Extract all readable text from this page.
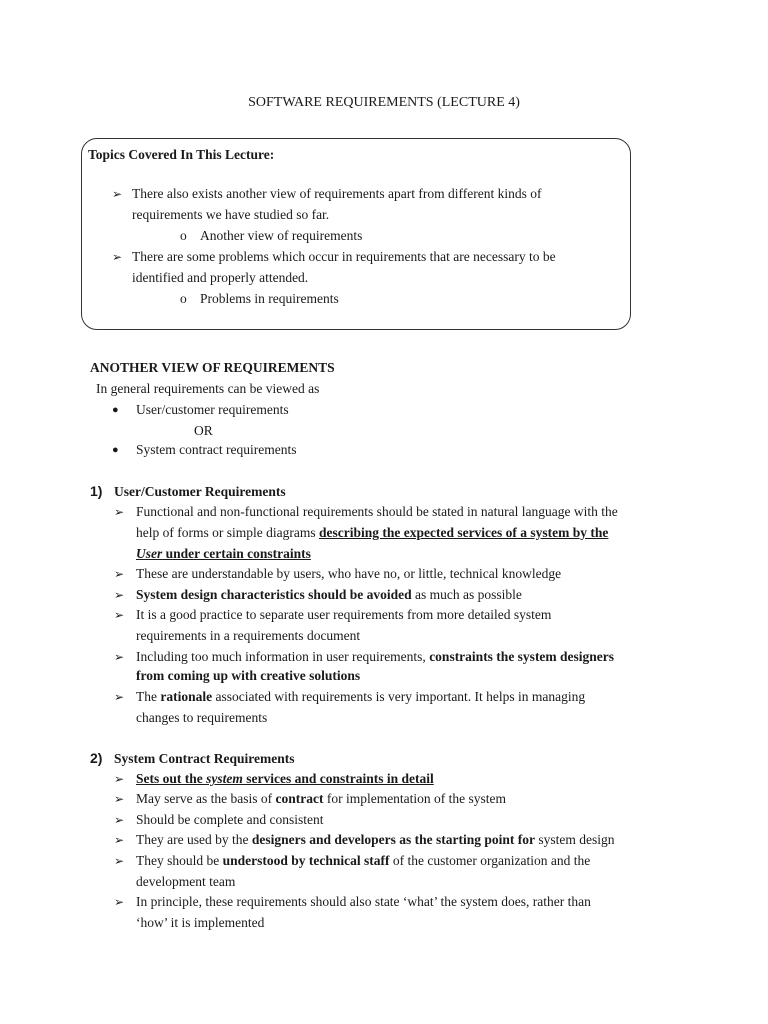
SOFTWARE REQUIREMENTS (LECTURE 4)
Topics Covered In This Lecture:
➢ There also exists another view of requirements apart from different kinds of
requirements we have studied so far.
o Another view of requirements
➢ There are some problems which occur in requirements that are necessary to be
identified and properly attended.
o Problems in requirements
ANOTHER VIEW OF REQUIREMENTS
In general requirements can be viewed as
● User/customer requirements
OR
● System contract requirements
1) User/Customer Requirements
➢ Functional and non-functional requirements should be stated in natural language with the
help of forms or simple diagrams describing the expected services of a system by the
User under certain constraints
➢ These are understandable by users, who have no, or little, technical knowledge
➢ System design characteristics should be avoided as much as possible
➢ It is a good practice to separate user requirements from more detailed system
requirements in a requirements document
➢ Including too much information in user requirements, constraints the system designers
from coming up with creative solutions
➢ The rationale associated with requirements is very important. It helps in managing
changes to requirements
2) System Contract Requirements
➢ Sets out the system services and constraints in detail
➢ May serve as the basis of contract for implementation of the system
➢ Should be complete and consistent
➢ They are used by the designers and developers as the starting point for system design
➢ They should be understood by technical staff of the customer organization and the
development team
➢ In principle, these requirements should also state ‘what’ the system does, rather than
‘how’ it is implemented
